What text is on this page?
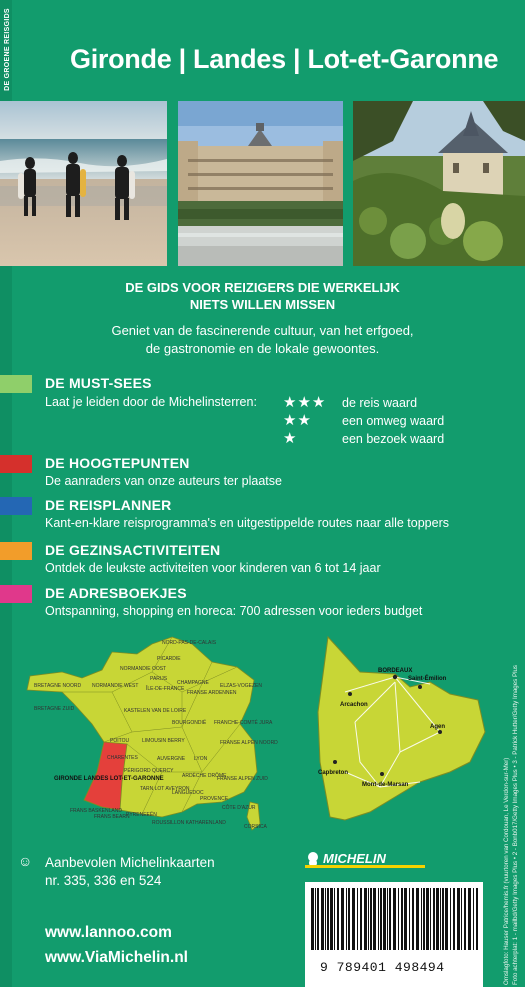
DE GROENE REISGIDS Gironde | Landes | Lot-et-Garonne
DE GIDS VOOR REIZIGERS DIE WERKELIJK
NIETS WILLEN MISSEN
Geniet van de fascinerende cultuur, van het erfgoed,
de gastronomie en de lokale gewoontes.
DE MUST-SEES
Laat je leiden door de Michelinsterren: ★★★ de reis waard
★★ een omweg waard
★	een bezoek waard
DE HOOGTEPUNTEN
De aanraders van onze auteurs ter plaatse
DE REISPLANNER
Kant-en-klare reisprogramma's en uitgestippelde routes naar alle toppers
DE GEZINSACTIVITEITEN
Ontdek de leukste activiteiten voor kinderen van 6 tot 14 jaar
DE ADRESBOEKJES
Ontspanning, shopping en horeca: 700 adressen voor ieders budget
NORD-PAS-DE-CALAIS
PICARDIE
NORMANDIE OOST
NORMANDIE WEST
PARIJS
ÎLE-DE-FRANCE
CHAMPAGNE ELZAS-VOGEZEN
FRANSE ARDENNEN
BRETAGNE NOORD
BRETAGNE ZUID	KASTELEN VAN DE LOIRE
BOURGONDIË FRANCHE-COMTÉ JURA
POITOU	LIMOUSIN BERRY
AUVERGNE
FRANSE ALPEN NOORD
LYON
CHARENTES
PÉRIGORD QUERCY
ARDÈCHE DRÔME
FRANSE ALPEN ZUID
GIRONDE LANDES LOT-ET-GARONNE
TARN LOT AVEYRON
LANGUEDOC
PROVENCE
CÔTE D'AZUR
CORSICA
FRANS BASKENLAND
PYRENEEËN
ROUSSILLON KATHARENLAND
FRANS BEARN
BORDEAUX
Saint-Émilion
Arcachon
Agen
Capbreton
Mont-de-Marsan
MICHELIN
☺ Aanbevolen Michelinkaarten
nr. 335, 336 en 524
www.lannoo.com
www.ViaMichelin.nl
9 789401 498494	Omslagfoto: Hauser Patrice/hemis.fr (vuurtoren van Cordouan, Le Verdon-sur-Mer) Foto achterplat: 1 - mailbd/Getty Images Plus • 2 - Bonb017/Getty Images Plus • 3 - Patrick Hutter/Getty Images Plus
